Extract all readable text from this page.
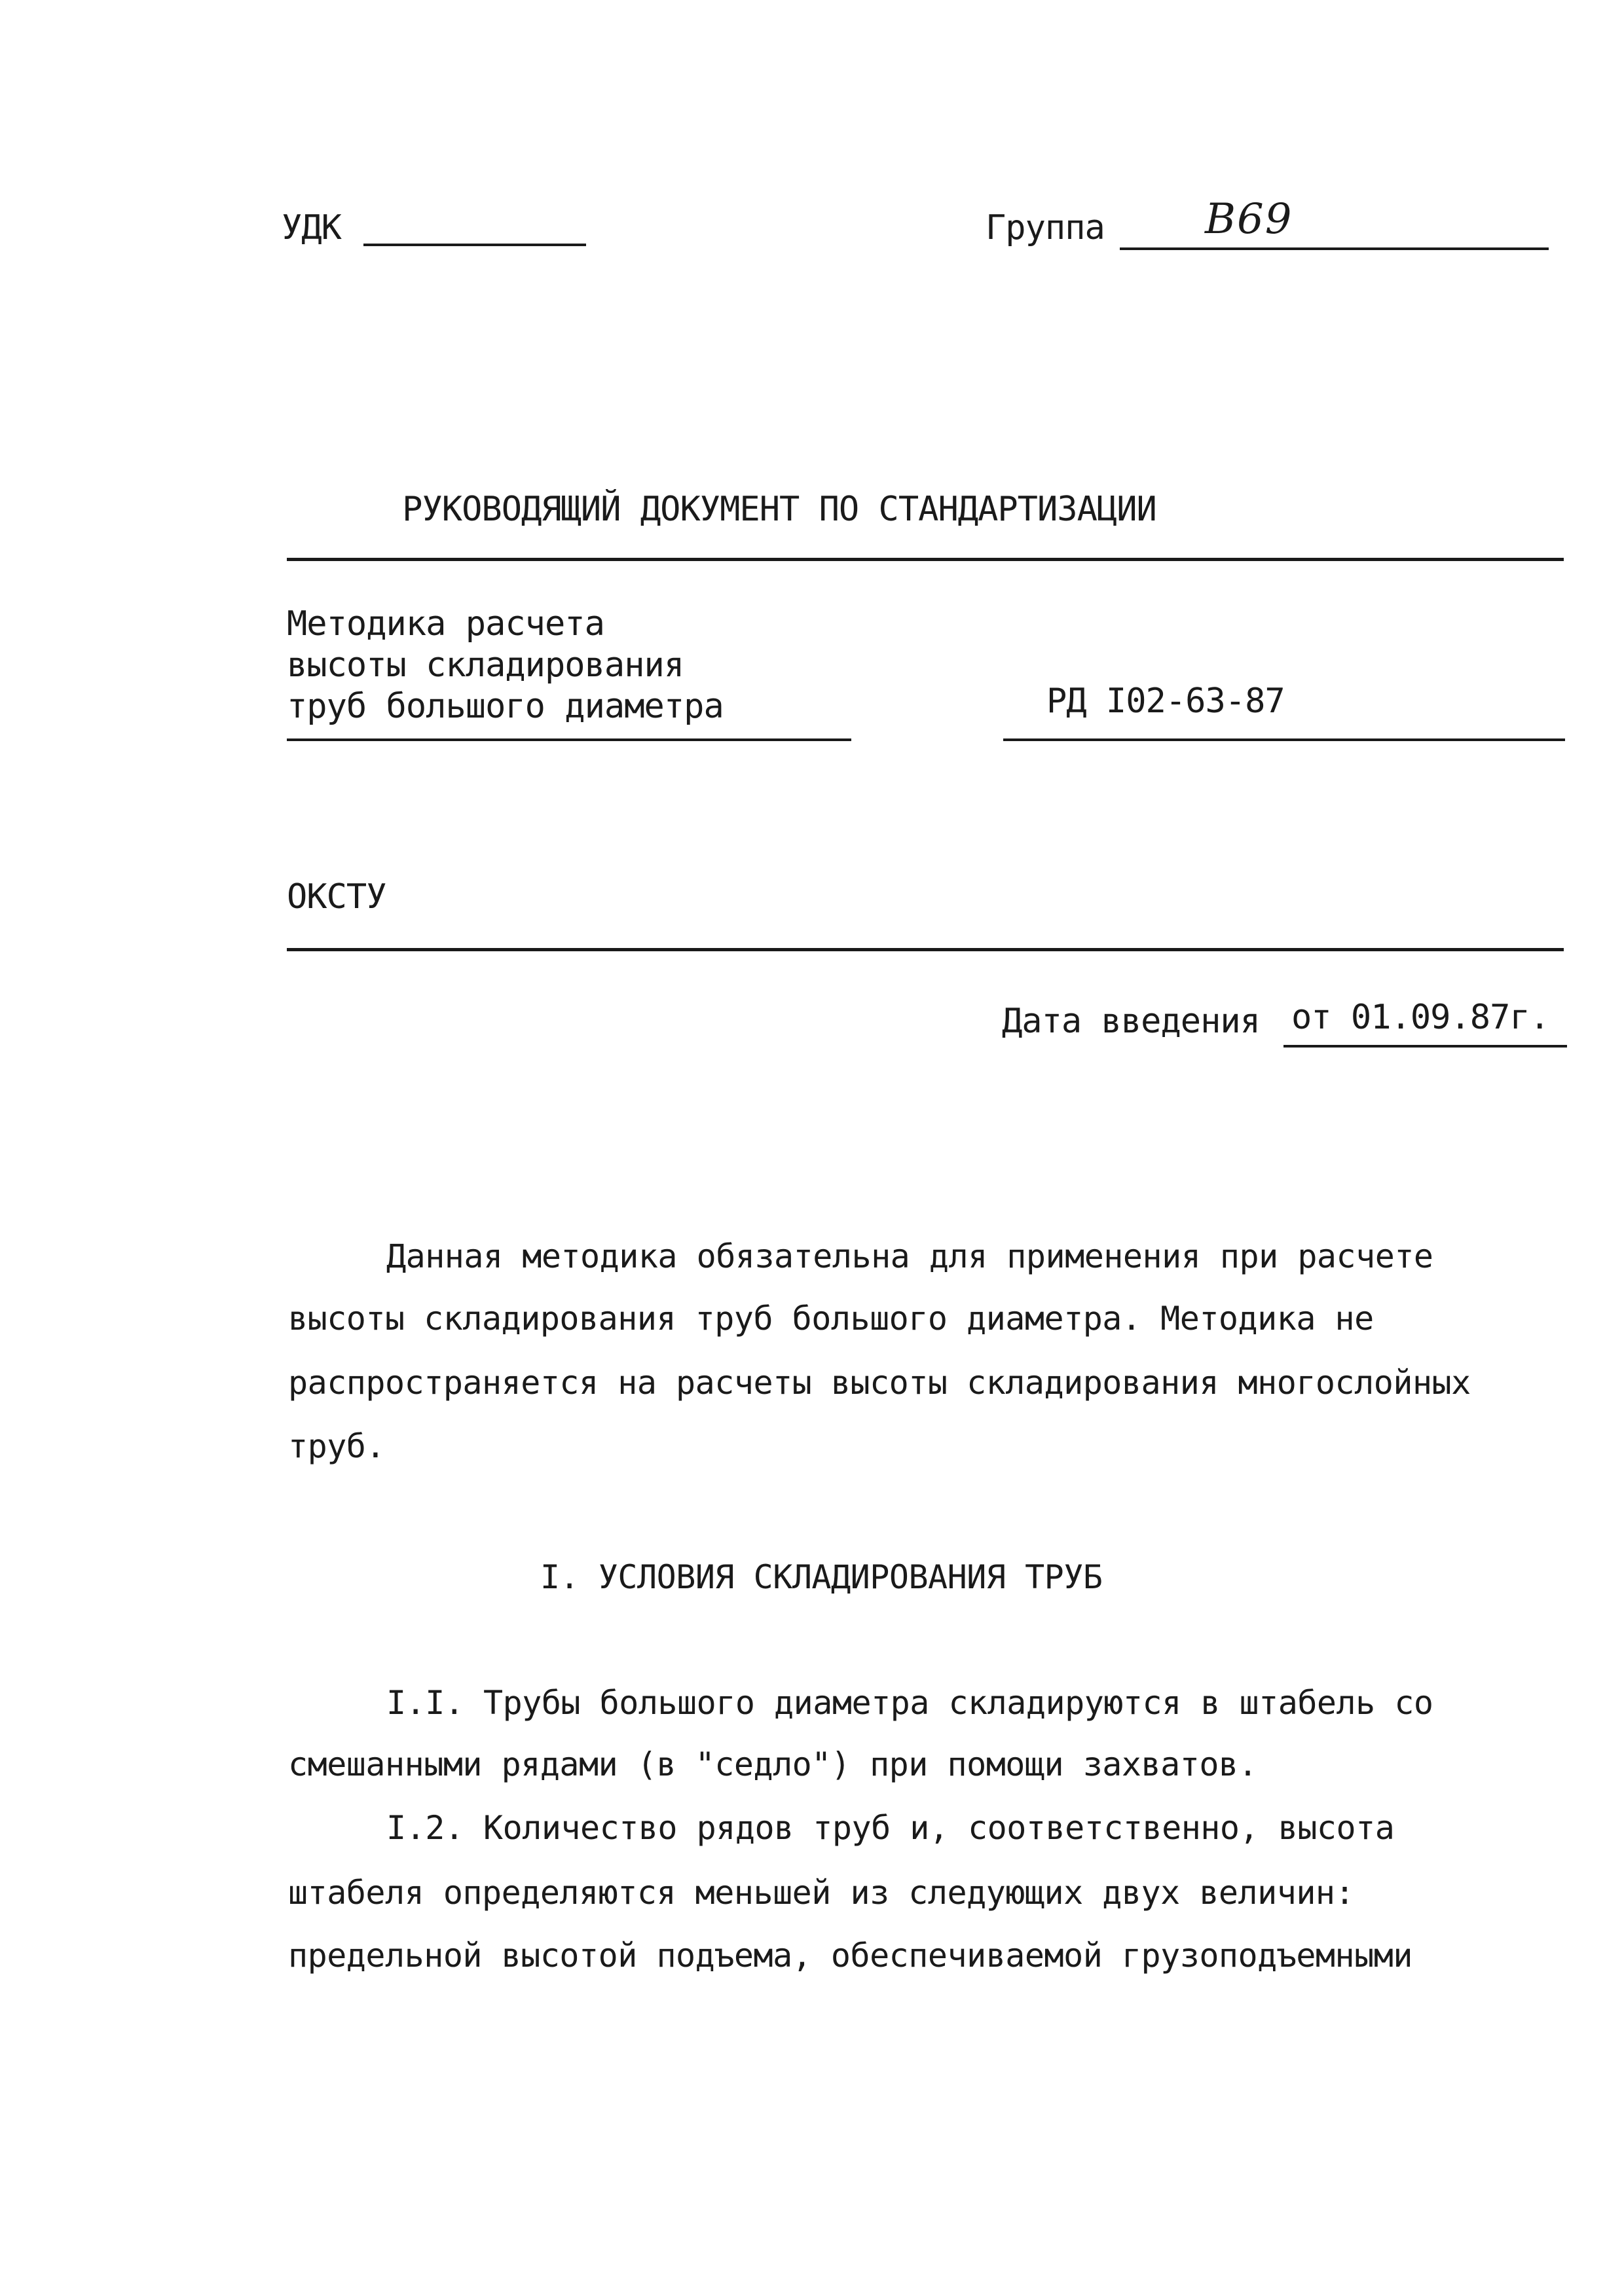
УДК	Группа В69
РУКОВОДЯЩИЙ ДОКУМЕНТ ПО СТАНДАРТИЗАЦИИ
Методика расчета
высоты складирования
труб большого диаметра	РД I02-63-87
ОКСТУ
Дата введения от 01.09.87г.
Данная методика обязательна для применения при расчете
высоты складирования труб большого диаметра. Методика не
распространяется на расчеты высоты складирования многослойных
труб.
I. УСЛОВИЯ СКЛАДИРОВАНИЯ ТРУБ
I.I. Трубы большого диаметра складируются в штабель со
смешанными рядами (в "седло") при помощи захватов.
I.2. Количество рядов труб и, соответственно, высота
штабеля определяются меньшей из следующих двух величин:
предельной высотой подъема, обеспечиваемой грузоподъемными
